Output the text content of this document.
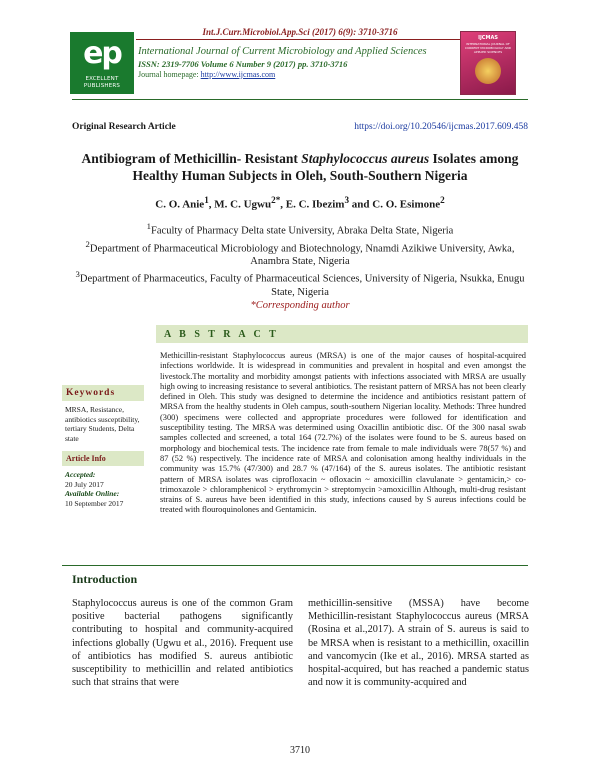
Int.J.Curr.Microbiol.App.Sci (2017) 6(9): 3710-3716
ep
EXCELLENT PUBLISHERS
International Journal of Current Microbiology and Applied Sciences
ISSN: 2319-7706 Volume 6 Number 9 (2017) pp. 3710-3716
Journal homepage: http://www.ijcmas.com
IJCMAS
INTERNATIONAL JOURNAL OF CURRENT MICROBIOLOGY AND APPLIED SCIENCES
Original Research Article	https://doi.org/10.20546/ijcmas.2017.609.458
Antibiogram of Methicillin- Resistant Staphylococcus aureus Isolates among Healthy Human Subjects in Oleh, South-Southern Nigeria
C. O. Anie$^1$, M. C. Ugwu$^{2*}$, E. C. Ibezim$^3$ and C. O. Esimone$^2$
$^1$Faculty of Pharmacy Delta state University, Abraka Delta State, Nigeria
$^2$Department of Pharmaceutical Microbiology and Biotechnology, Nnamdi Azikiwe University, Awka, Anambra State, Nigeria
$^3$Department of Pharmaceutics, Faculty of Pharmaceutical Sciences, University of Nigeria, Nsukka, Enugu State, Nigeria
*Corresponding author
A B S T R A C T
Keywords
MRSA, Resistance, antibiotics susceptibility, tertiary Students, Delta state
Article Info
Accepted:
20 July 2017
Available Online:
10 September 2017
Methicillin-resistant Staphylococcus aureus (MRSA) is one of the major causes of hospital-acquired infections worldwide. It is widespread in communities and prevalent in hospital and even amongst the livestock.The mortality and morbidity amongst patients with infections associated with MRSA are usually high owing to increasing resistance to several antibiotics. The resistant pattern of MRSA has not been clearly defined in Oleh. This study was designed to determine the incidence and antibiotics resistant pattern of MRSA from the healthy students in Oleh campus, south-southern Nigerian locality. Methods: Three hundred (300) specimens were collected and appropriate procedures were followed for identification and susceptibility testing. The MRSA was determined using Oxacillin antibiotic disc. Of the 300 nasal swab samples collected and screened, a total 164 (72.7%) of the isolates were found to be S. aureus based on morphology and biochemical tests. The incidence rate from female to male individuals were 78(57 %) and 87 (52 %) respectively. The incidence rate of MRSA and colonisation among healthy individuals in the community was 15.7% (47/300) and 28.7 % (47/164) of the S. aureus isolates. The antibiotic resistant pattern of MRSA isolates was ciprofloxacin ~ ofloxacin ~ amoxicillin clavulanate > gentamicin,> co-trimoxazole > chloramphenicol > erythromycin > streptomycin >amoxicillin Although, multi-drug resistant strains of S. aureus have been identified in this study, infections caused by S aureus infections could be treated with flouroquinolones and Gentamicin.
Introduction
Staphylococcus aureus is one of the common Gram positive bacterial pathogens significantly contributing to hospital and community-acquired infections globally (Ugwu et al., 2016). Frequent use of antibiotics has modified S. aureus antibiotic susceptibility to methicillin and related antibiotics such that strains that were
methicillin-sensitive (MSSA) have become Methicillin-resistant Staphylococcus aureus (MRSA (Rosina et al.,2017). A strain of S. aureus is said to be MRSA when is resistant to a methicillin, oxacillin and vancomycin (Ike et al., 2016). MRSA started as hospital-acquired, but has reached a pandemic status and now it is community-acquired and
3710
